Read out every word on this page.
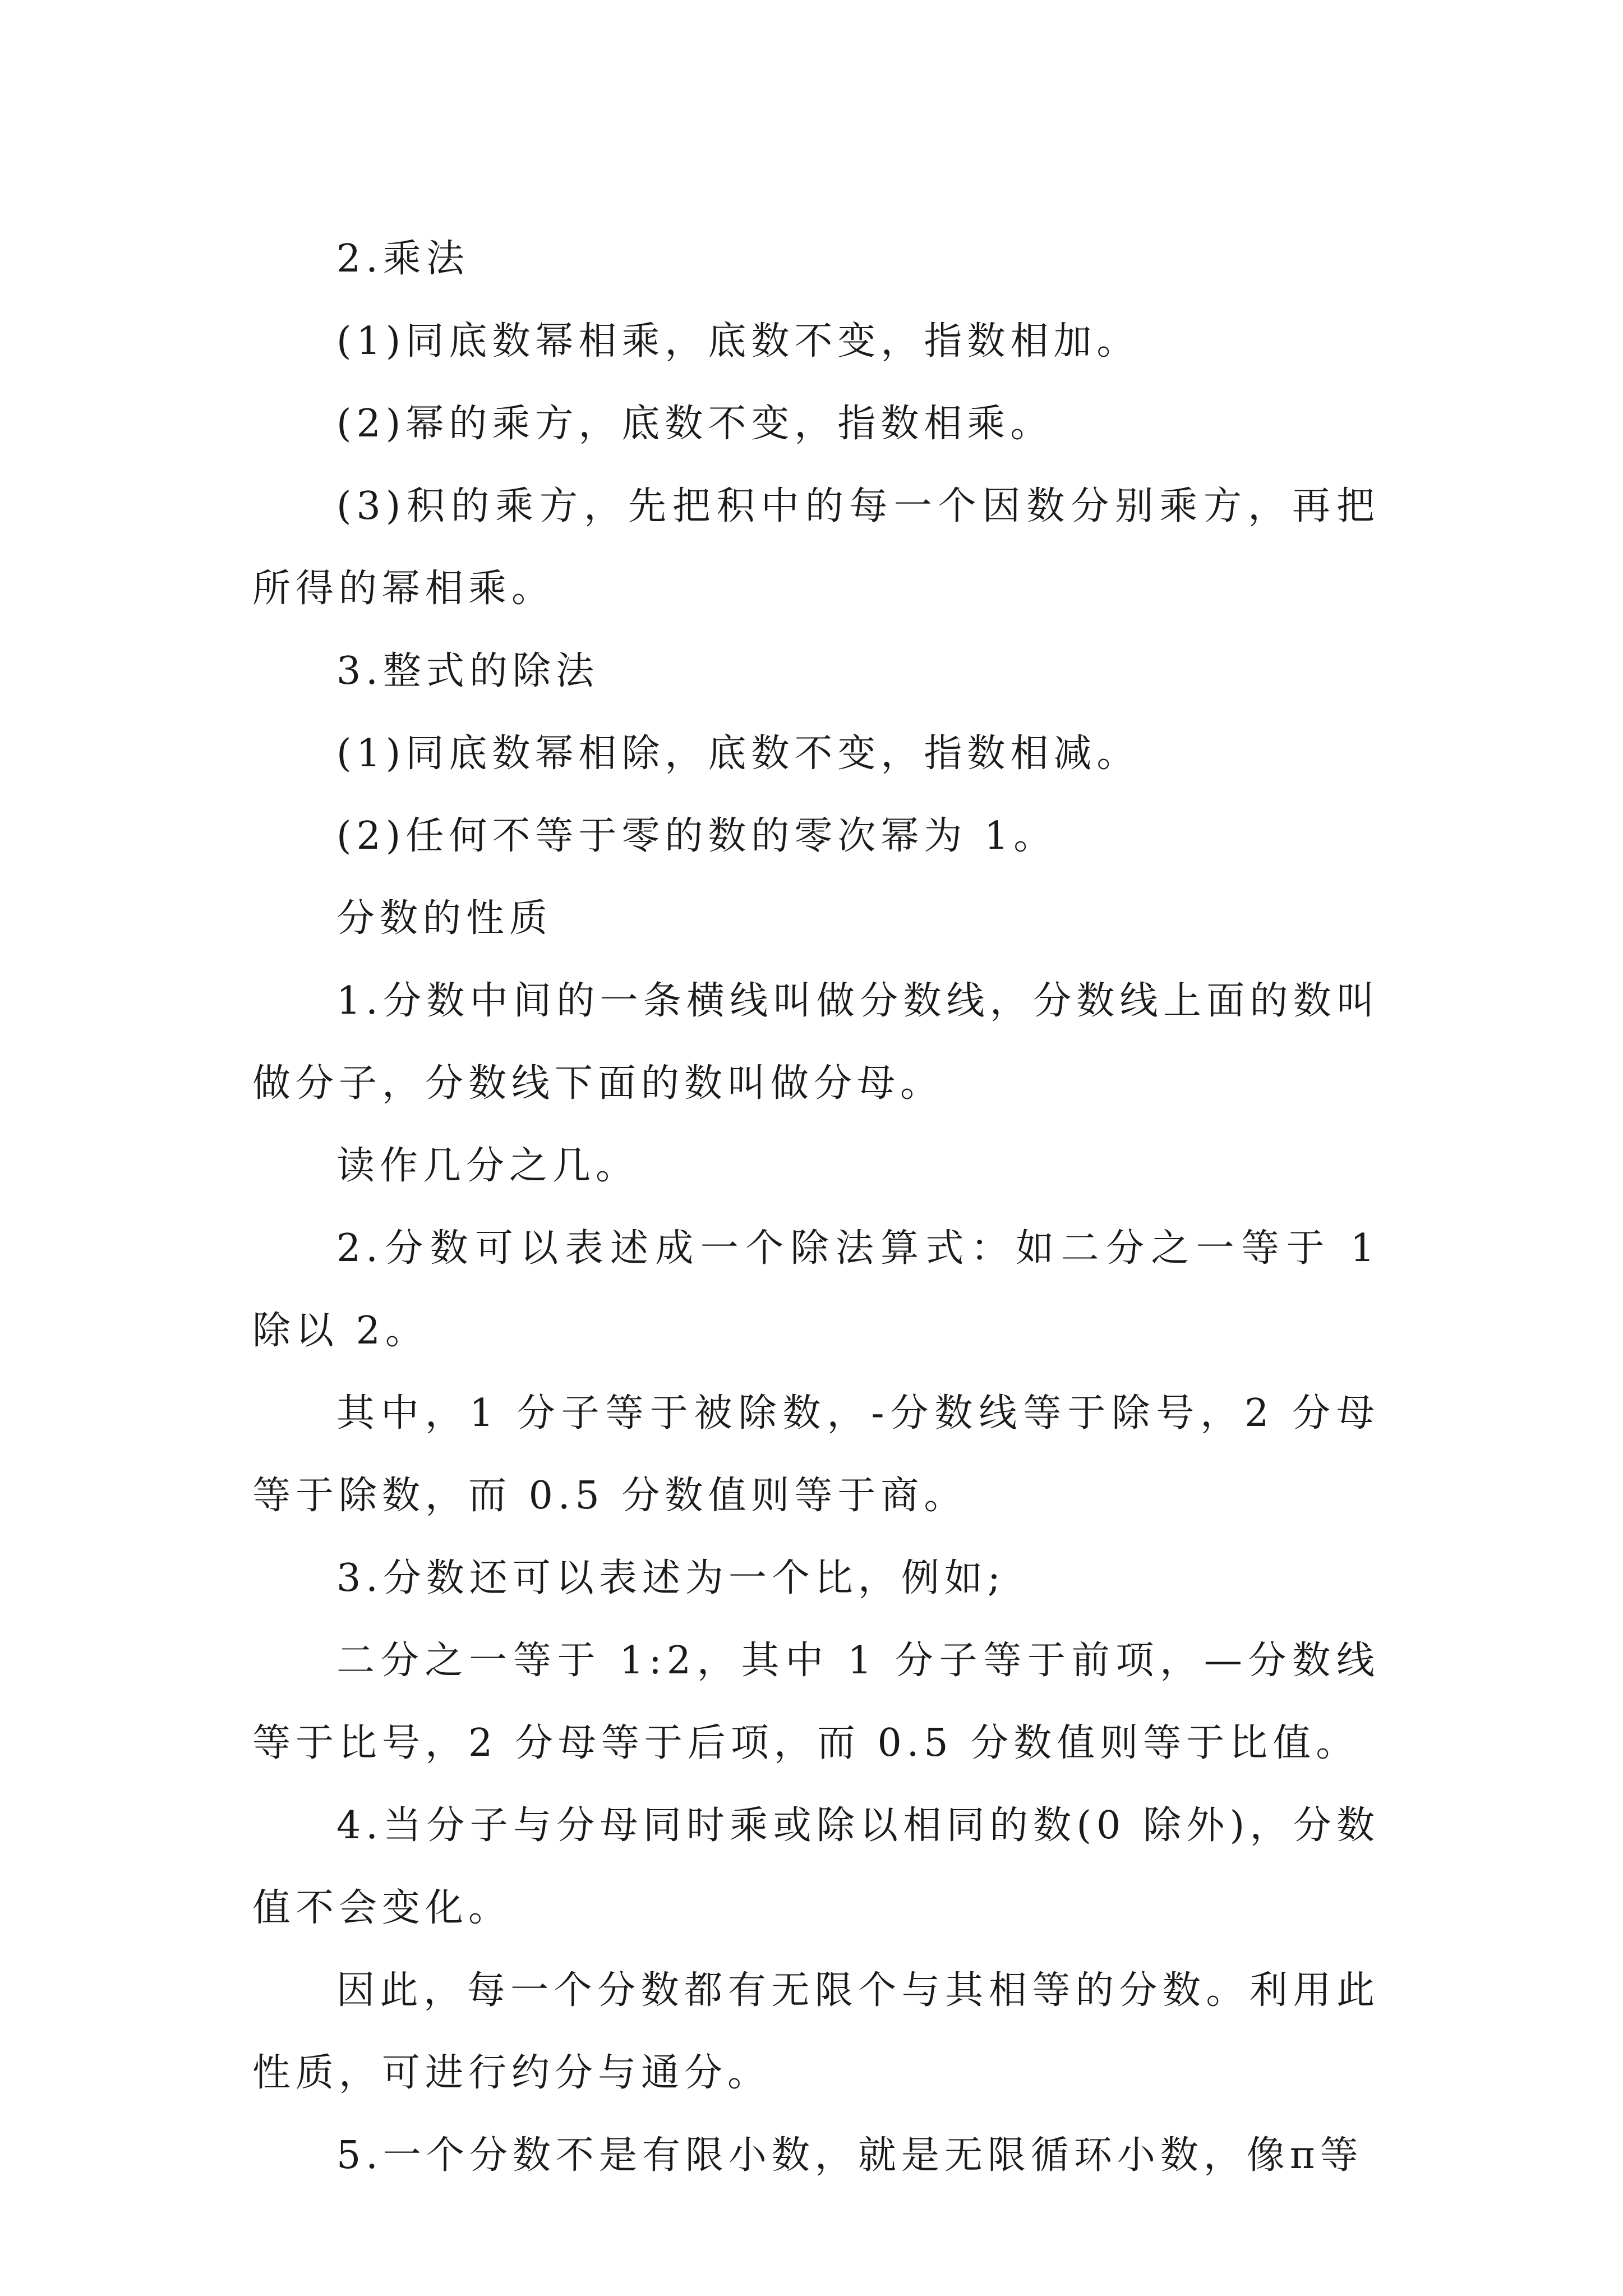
2.乘法

(1)同底数幂相乘，底数不变，指数相加。

(2)幂的乘方，底数不变，指数相乘。

(3)积的乘方，先把积中的每一个因数分别乘方，再把所得的幂相乘。

3.整式的除法

(1)同底数幂相除，底数不变，指数相减。

(2)任何不等于零的数的零次幂为 1。

分数的性质

1.分数中间的一条横线叫做分数线，分数线上面的数叫做分子，分数线下面的数叫做分母。

读作几分之几。

2.分数可以表述成一个除法算式：如二分之一等于 1 除以 2。

其中，1 分子等于被除数，-分数线等于除号，2 分母等于除数，而 0.5 分数值则等于商。

3.分数还可以表述为一个比，例如;

二分之一等于 1:2，其中 1 分子等于前项，—分数线等于比号，2 分母等于后项，而 0.5 分数值则等于比值。

4.当分子与分母同时乘或除以相同的数(0 除外)，分数值不会变化。

因此，每一个分数都有无限个与其相等的分数。利用此性质，可进行约分与通分。

5.一个分数不是有限小数，就是无限循环小数，像π等
